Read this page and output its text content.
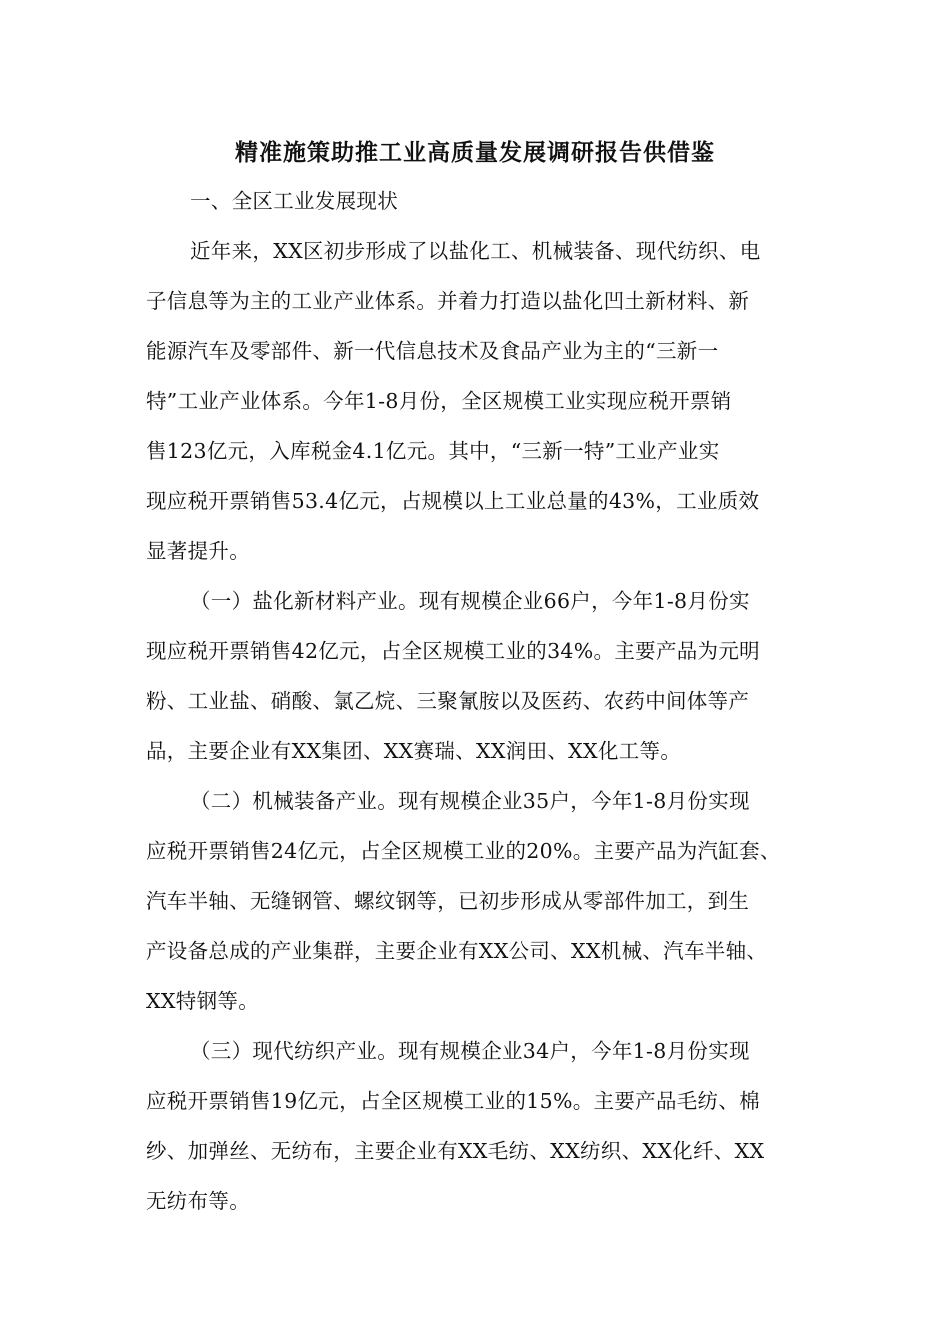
精准施策助推工业高质量发展调研报告供借鉴
一、全区工业发展现状
近年来，XX区初步形成了以盐化工、机械装备、现代纺织、电
子信息等为主的工业产业体系。并着力打造以盐化凹土新材料、新
能源汽车及零部件、新一代信息技术及食品产业为主的“三新一
特”工业产业体系。今年1-8月份，全区规模工业实现应税开票销
售123亿元，入库税金4.1亿元。其中，“三新一特”工业产业实
现应税开票销售53.4亿元，占规模以上工业总量的43%，工业质效
显著提升。
（一）盐化新材料产业。现有规模企业66户，今年1-8月份实
现应税开票销售42亿元，占全区规模工业的34%。主要产品为元明
粉、工业盐、硝酸、氯乙烷、三聚氰胺以及医药、农药中间体等产
品，主要企业有XX集团、XX赛瑞、XX润田、XX化工等。
（二）机械装备产业。现有规模企业35户，今年1-8月份实现
应税开票销售24亿元，占全区规模工业的20%。主要产品为汽缸套、
汽车半轴、无缝钢管、螺纹钢等，已初步形成从零部件加工，到生
产设备总成的产业集群，主要企业有XX公司、XX机械、汽车半轴、
XX特钢等。
（三）现代纺织产业。现有规模企业34户，今年1-8月份实现
应税开票销售19亿元，占全区规模工业的15%。主要产品毛纺、棉
纱、加弹丝、无纺布，主要企业有XX毛纺、XX纺织、XX化纤、XX
无纺布等。
